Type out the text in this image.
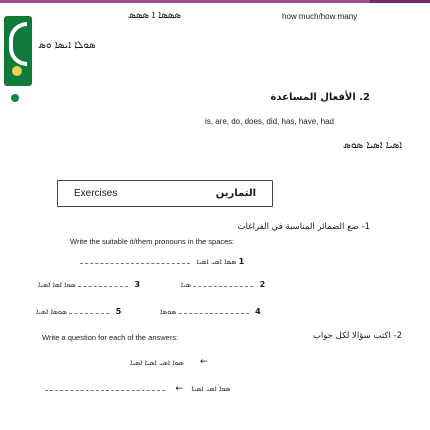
ܣܣܣܐ ܐ ܣܣܣ	how much/how many
ܣܘܠܐ ܐܝܣܐ ܘܣ
2. الأفعال المساعدة
is, are, do, does, did, has, have, had
ܐܣܝܐ ܐܣܝܐ ܣܘܣ
Exercises	التمارين
1- ضع الضمائر المناسبة في الفراغات
Write the suitable it/them pronouns in the spaces:
ܣܣܐ ܐܣܝ ܐܣܝܐ 1
ܣܘܐ ܐܣܐ ܐܣܝܐ	3	ܣܝܐ	2
ܣܘܣܐ ܐܣܝܐ	5	ܣܘܣܐ	4
Write a question for each of the answers:	2- اكتب سؤالا لكل جواب
ܣܘܐ ܐܣܝ ܐܣܝܐ ܐܣܝܐ ←
← ܣܘܐ ܐܣܝ ܐܣܝܐ
